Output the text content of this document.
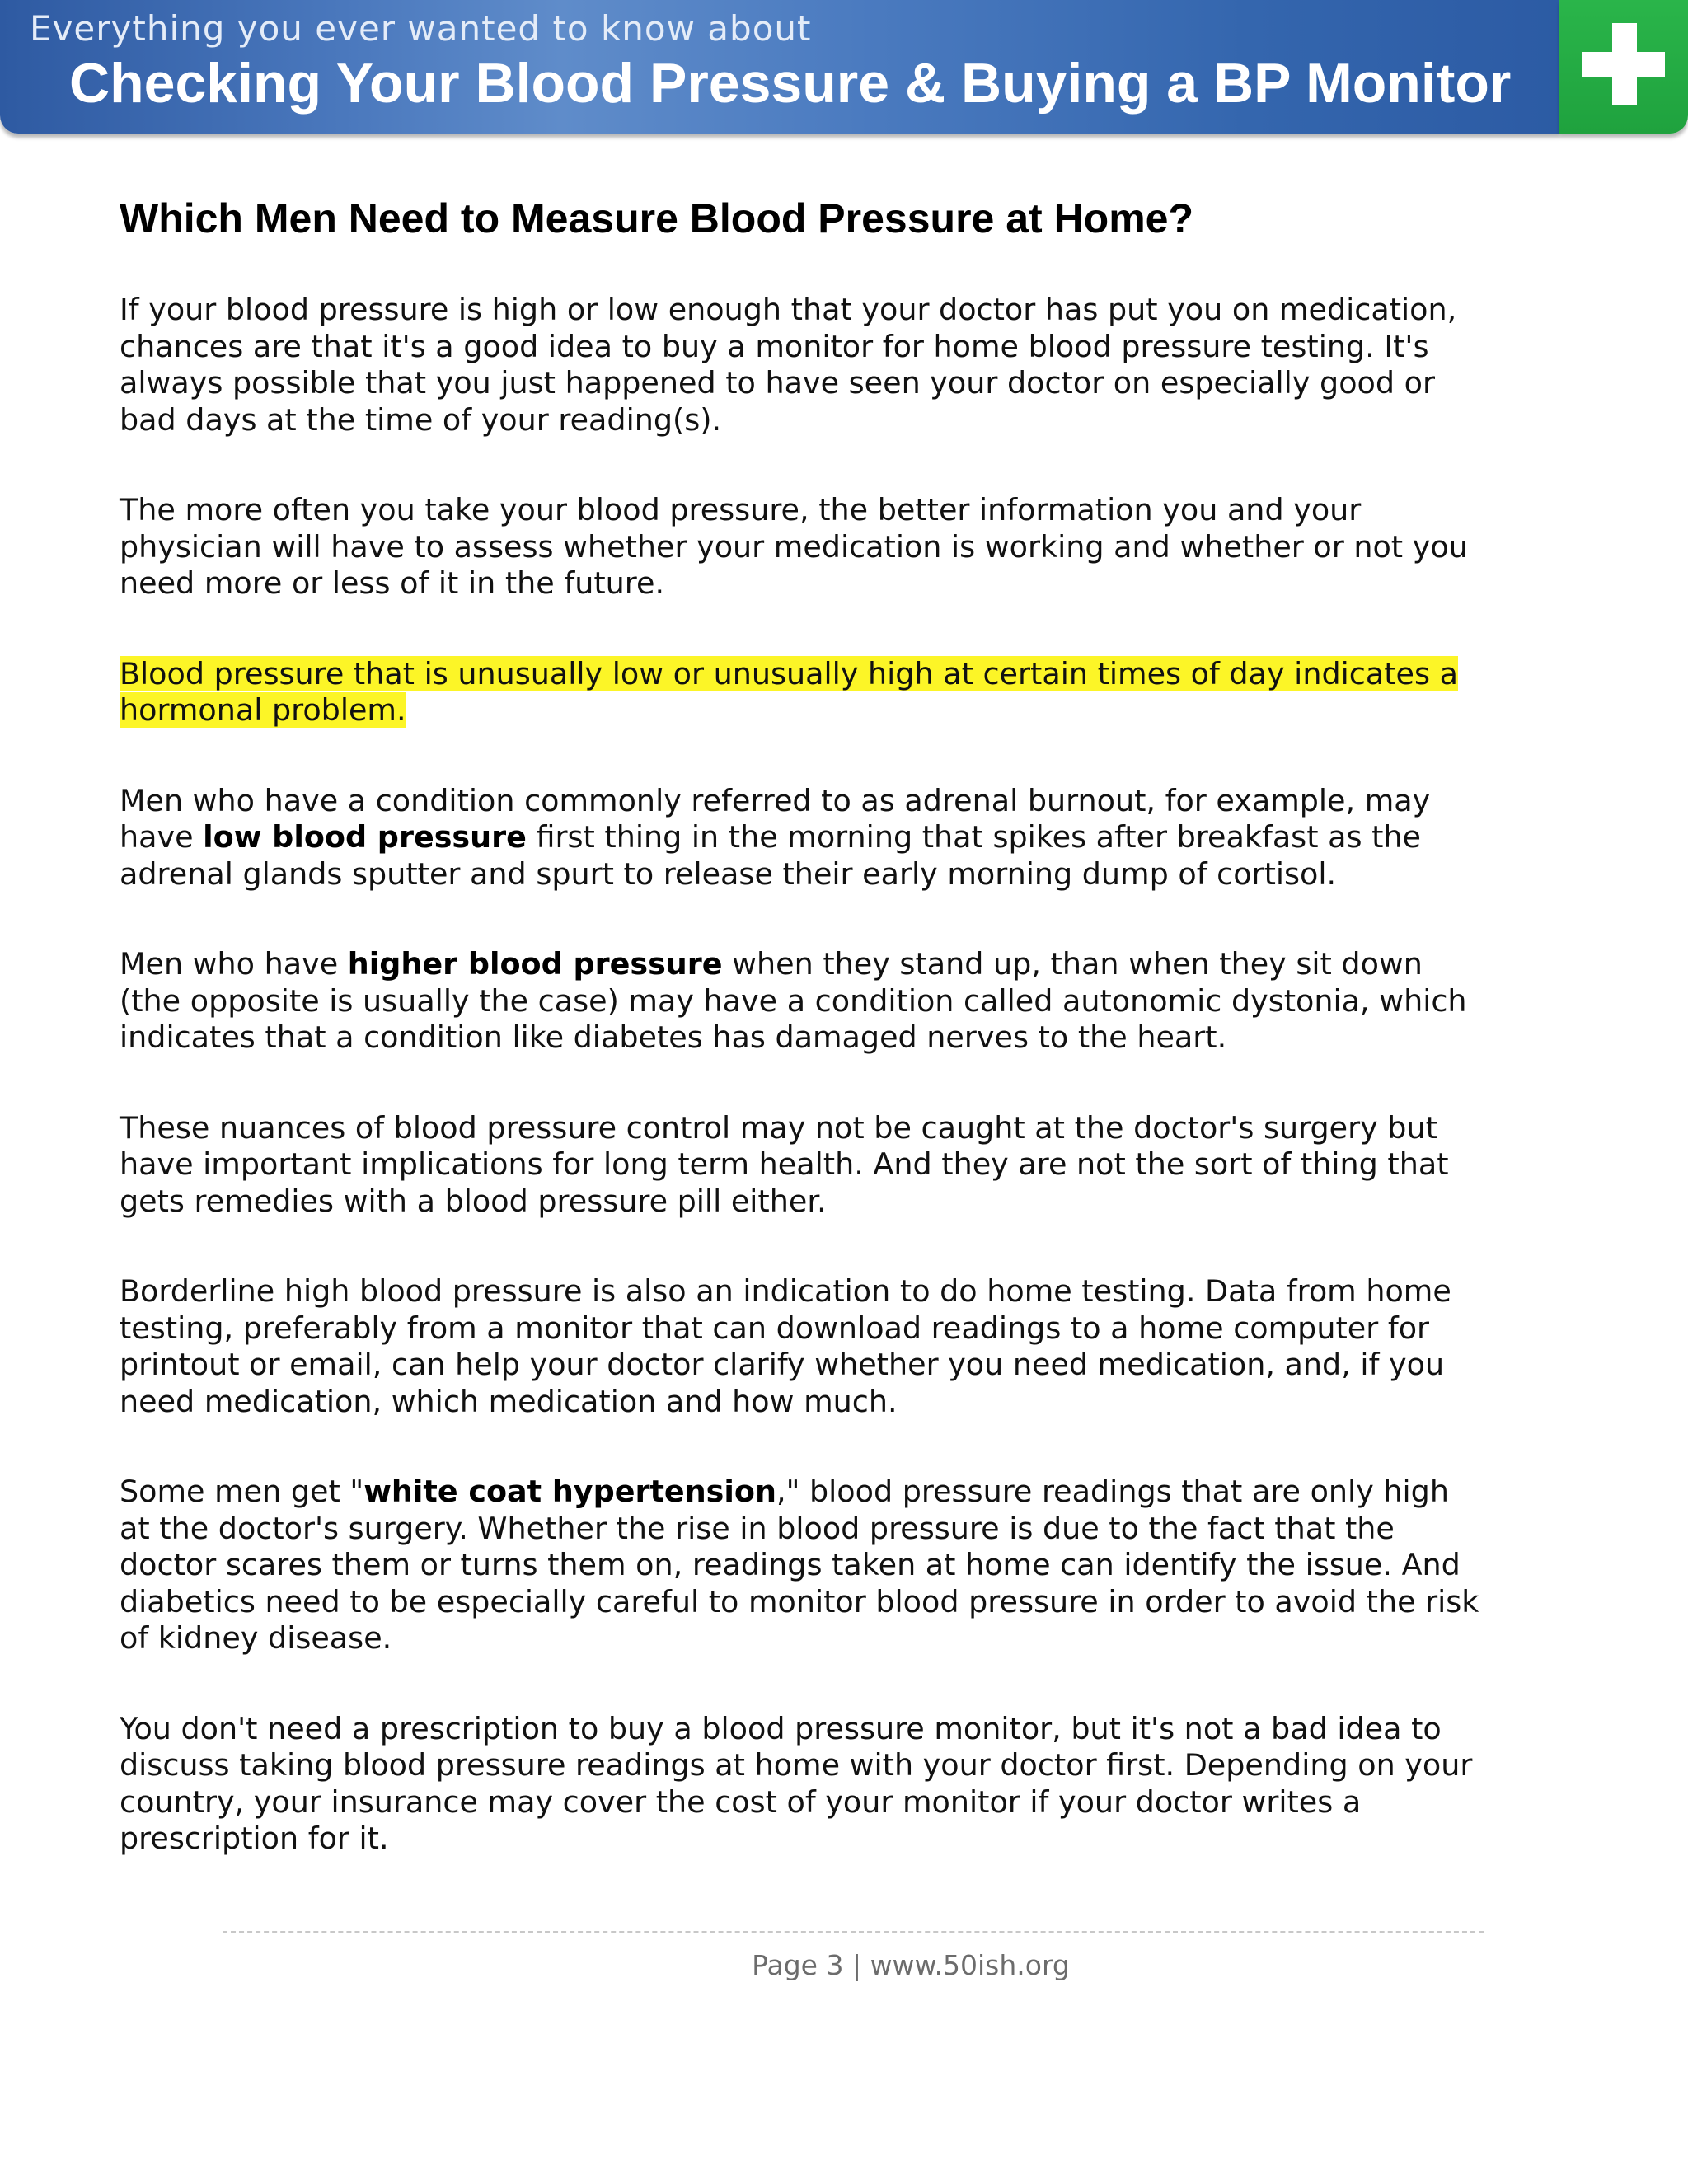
Everything you ever wanted to know about
Checking Your Blood Pressure & Buying a BP Monitor
Which Men Need to Measure Blood Pressure at Home?

If your blood pressure is high or low enough that your doctor has put you on medication, chances are that it's a good idea to buy a monitor for home blood pressure testing. It's always possible that you just happened to have seen your doctor on especially good or bad days at the time of your reading(s).

The more often you take your blood pressure, the better information you and your physician will have to assess whether your medication is working and whether or not you need more or less of it in the future.

Blood pressure that is unusually low or unusually high at certain times of day indicates a hormonal problem.

Men who have a condition commonly referred to as adrenal burnout, for example, may have low blood pressure first thing in the morning that spikes after breakfast as the adrenal glands sputter and spurt to release their early morning dump of cortisol.

Men who have higher blood pressure when they stand up, than when they sit down (the opposite is usually the case) may have a condition called autonomic dystonia, which indicates that a condition like diabetes has damaged nerves to the heart.

These nuances of blood pressure control may not be caught at the doctor's surgery but have important implications for long term health. And they are not the sort of thing that gets remedies with a blood pressure pill either.

Borderline high blood pressure is also an indication to do home testing. Data from home testing, preferably from a monitor that can download readings to a home computer for printout or email, can help your doctor clarify whether you need medication, and, if you need medication, which medication and how much.

Some men get "white coat hypertension," blood pressure readings that are only high at the doctor's surgery. Whether the rise in blood pressure is due to the fact that the doctor scares them or turns them on, readings taken at home can identify the issue. And diabetics need to be especially careful to monitor blood pressure in order to avoid the risk of kidney disease.

You don't need a prescription to buy a blood pressure monitor, but it's not a bad idea to discuss taking blood pressure readings at home with your doctor first. Depending on your country, your insurance may cover the cost of your monitor if your doctor writes a prescription for it.

Page 3 | www.50ish.org
